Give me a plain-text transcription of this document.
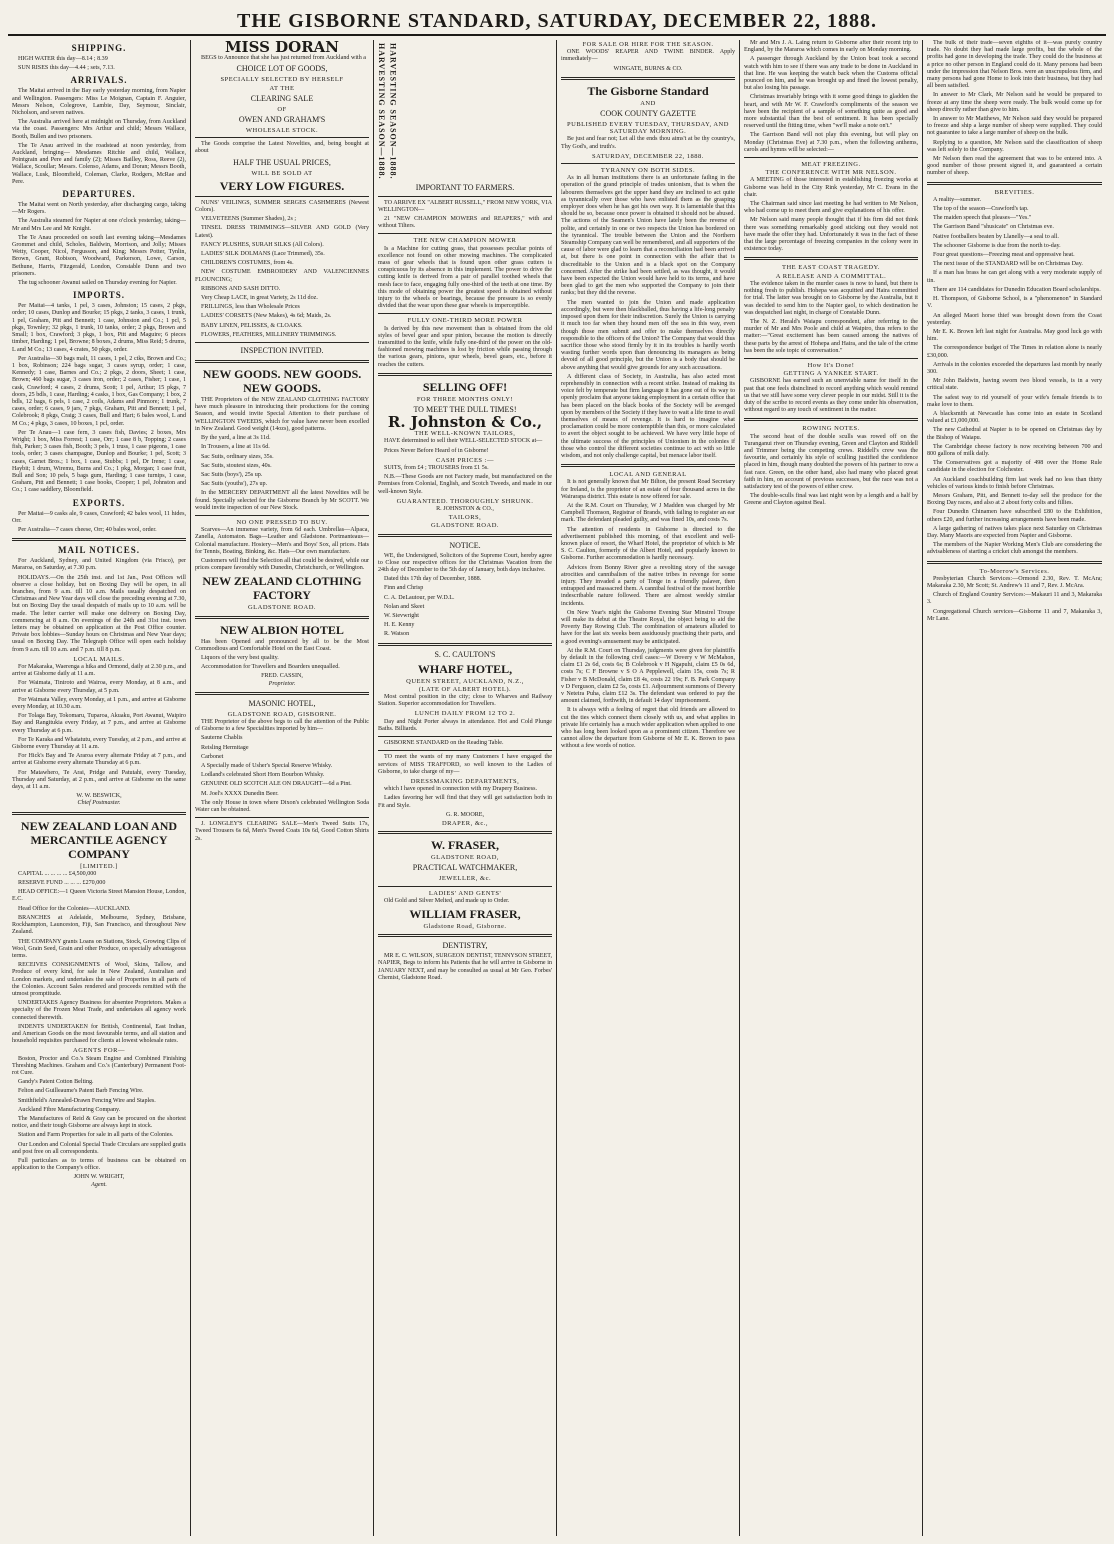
THE GISBORNE STANDARD, SATURDAY, DECEMBER 22, 1888.
SHIPPING.

HIGH WATER this day—8.14 ; 8.39

SUN RISES this day—4.44 ; sets, 7.13.

ARRIVALS.

The Maitai arrived in the Bay early yesterday morning, from Napier and Wellington. Passengers: Miss Le Moignan, Captain F. Anguier, Messrs Nelson, Colegrove, Lambie, Day, Seymour, Sinclair, Nicholson, and seven natives.

The Australia arrived here at midnight on Thursday, from Auckland via the coast. Passengers: Mrs Arthur and child; Messrs Wallace, Booth, Bullen and two prisoners.

The Te Anau arrived in the roadstead at noon yesterday, from Auckland, bringing— Mesdames Ritchie and child, Wallace, Pointgrain and Pere and family (2); Misses Bailley, Ross, Reeve (2), Wallace, Scoullar; Messrs. Colenso, Adams, and Doran; Messrs Booth, Wallace, Lusk, Bloomfield, Coleman, Clarke, Rodgers, McRae and Pere.

DEPARTURES.

The Maitai went on North yesterday, after discharging cargo, taking—Mr Rogers.

The Australia steamed for Napier at one o'clock yesterday, taking—Mr and Mrs Lee and Mr Knight.

The Te Anau proceeded on south last evening taking—Mesdames Grommet and child, Scholes, Baldwin, Morrison, and Jolly; Misses Wetty, Cooper, Nicol, Fergusson, and King; Messrs Potter, Tynlin, Brown, Grant, Robison, Woodward, Parkerson, Lowe, Carson, Bethune, Harris, Fitzgerald, London, Constable Dunn and two prisoners.

The tug schooner Awanui sailed on Thursday evening for Napier.

IMPORTS.

Per Maitai—4 tanks, 1 pel, 3 cases, Johnston; 15 cases, 2 pkgs, order; 10 cases, Dunlop and Bourke; 15 pkgs, 2 tanks, 3 cases, 1 trunk, 1 pel, Graham, Pitt and Bennett; 1 case, Johnston and Co.; 1 pcl, 5 pkgs, Townley; 32 pkgs, 1 trunk, 10 tanks, order; 2 pkgs, Brown and Small; 1 box, Crawford; 3 pkgs, 1 box, Pitt and Maguire; 6 pieces timber, Harding; 1 pel, Browne; 8 boxes, 2 drums, Miss Reid; 5 drums, L and M Co.; 13 cases, 4 crates, 50 pkgs, order.

Per Australia—30 bags malt, 11 cases, 1 pel, 2 ctks, Brown and Co.; 1 box, Robinson; 224 bags sugar, 3 cases syrup, order; 1 case, Kennedy; 1 case, Barnes and Co.; 2 pkgs, 2 doors, Sheet; 1 case, Brown; 460 bags sugar, 3 cases iron, order; 2 cases, Fisher; 1 case, 1 cask, Crawford; 4 cases, 2 drums, Scott; 1 pel, Arthur; 15 pkgs, 7 doors, 25 bdls, 1 case, Harding; 4 casks, 1 box, Gas Company; 1 box, 2 bdls, 12 bags, 6 pels, 1 case, 2 coils, Adams and Pinmore; 1 trunk, 7 cases, order; 6 cases, 9 jars, 7 pkgs, Graham, Pitt and Bennett; 1 pel, Colebrook; 8 pkgs, Craig; 3 cases, Bull and Hart; 6 bales wool, L and M Co.; 4 pkgs, 3 cases, 10 boxes, 1 pcl, order.

Per Te Anau—1 case fern, 3 cases fish, Davies; 2 boxes, Mrs Wright; 1 box, Miss Forrest; 1 case, Orr; 1 case 8 b, Topping; 2 cases fish, Parker; 3 cases fish, Booth; 3 pels, 1 truss, 1 case pigeons, 1 case tools, order; 3 cases champagne, Dunlop and Bourke; 1 pel, Scott; 3 cases, Garnet Bros.; 1 box, 1 case, Stubbs; 1 pel, Dr Irene; 1 case, Haybit; 1 drum, Wiremu, Burns and Co.; 1 pkg, Morgan; 1 case fruit, Bull and Son; 10 pels, 5 bags gum, Harding; 1 case turnips, 1 case, Graham, Pitt and Bennett; 1 case books, Cooper; 1 pel, Johnston and Co.; 1 case saddlery, Bloomfield.

EXPORTS.

Per Maitai—9 casks ale, 9 cases, Crawford; 42 bales wool, 11 hides, Orr.

Per Australia—7 cases cheese, Orr; 40 bales wool, order.

MAIL NOTICES.

For Auckland, Sydney, and United Kingdom (via Frisco), per Mararoa, on Saturday, at 7.30 p.m.

HOLIDAYS.—On the 25th inst. and 1st Jan., Post Offices will observe a close holiday, but on Boxing Day will be open, in all branches, from 9 a.m. till 10 a.m. Mails usually despatched on Christmas and New Year days will close the preceding evening at 7.30, but on Boxing Day the usual despatch of mails up to 10 a.m. will be made. The letter carrier will make one delivery on Boxing Day, commencing at 8 a.m. On evenings of the 24th and 31st inst. town letters may be obtained on application at the Post Office counter. Private box lobbies—Sunday hours on Christmas and New Year days; usual on Boxing Day. The Telegraph Office will open each holiday from 9 a.m. till 10 a.m. and 7 p.m. till 8 p.m.

LOCAL MAILS.

For Makaraka, Waerenga a hika and Ormond, daily at 2.30 p.m., and arrive at Gisborne daily at 11 a.m.

For Waimata, Tiniroto and Wairoa, every Monday, at 8 a.m., and arrive at Gisborne every Thursday, at 5 p.m.

For Waimata Valley, every Monday, at 1 p.m., and arrive at Gisborne every Monday, at 10.30 a.m.

For Tolaga Bay, Tokomaru, Tuparoa, Akuaku, Port Awanui, Waipiro Bay and Rangitukia every Friday, at 7 p.m., and arrive at Gisborne every Thursday at 6 p.m.

For Te Karaka and Whatatutu, every Tuesday, at 2 p.m., and arrive at Gisborne every Thursday at 11 a.m.

For Hick's Bay and Te Araroa every alternate Friday at 7 p.m., and arrive at Gisborne every alternate Thursday at 6 p.m.

For Matawhero, Te Arai, Pridge and Patutahi, every Tuesday, Thursday and Saturday, at 2 p.m., and arrive at Gisborne on the same days, at 11 a.m.

W. W. BESWICK,
Chief Postmaster.
NEW ZEALAND LOAN AND MERCANTILE AGENCY COMPANY
[LIMITED.]

CAPITAL ... ... ... ... £4,500,000

RESERVE FUND ... ... ... £270,000

HEAD OFFICE:—1 Queen Victoria Street Mansion House, London, E.C.

Head Office for the Colonies—AUCKLAND.

BRANCHES at Adelaide, Melbourne, Sydney, Brisbane, Rockhampton, Launceston, Fiji, San Francisco, and throughout New Zealand.

THE COMPANY grants Loans on Stations, Stock, Growing Clips of Wool, Grain Seed, Grain and other Produce, on specially advantageous terms.

RECEIVES CONSIGNMENTS of Wool, Skins, Tallow, and Produce of every kind, for sale in New Zealand, Australian and London markets, and undertakes the sale of Properties in all parts of the Colonies. Account Sales rendered and proceeds remitted with the utmost promptitude.

UNDERTAKES Agency Business for absentee Proprietors. Makes a specialty of the Frozen Meat Trade, and undertakes all agency work connected therewith.

INDENTS UNDERTAKEN for British, Continental, East Indian, and American Goods on the most favourable terms, and all station and household requisites purchased for clients at lowest wholesale rates.

AGENTS FOR—

Boston, Proctor and Co.'s Steam Engine and Combined Finishing Threshing Machines. Graham and Co.'s (Canterbury) Permanent Foot-rot Cure.

Gandy's Patent Cotton Belting.

Felton and Guilleaume's Patent Barb Fencing Wire.

Smithfield's Annealed-Drawn Fencing Wire and Staples.

Auckland Fibre Manufacturing Company.

The Manufactures of Reid & Gray can be procured on the shortest notice, and their tough Gisborne are always kept in stock.

Station and Farm Properties for sale in all parts of the Colonies.

Our London and Colonial Special Trade Circulars are supplied gratis and post free on all correspondents.

Full particulars as to terms of business can be obtained on application to the Company's office.

JOHN W. WRIGHT,
Agent.
MISS DORAN

BEGS to Announce that she has just returned from Auckland with a

CHOICE LOT OF GOODS,
SPECIALLY SELECTED BY HERSELF
AT THE
CLEARING SALE
OF
OWEN AND GRAHAM'S
WHOLESALE STOCK.

The Goods comprise the Latest Novelties, and, being bought at about

HALF THE USUAL PRICES,
WILL BE SOLD AT
VERY LOW FIGURES.

NUNS' VEILINGS, SUMMER SERGES CASHMERES (Newest Colors).

VELVETEENS (Summer Shades), 2s ;

TINSEL DRESS TRIMMINGS—SILVER AND GOLD (Very Latest).

FANCY PLUSHES, SURAH SILKS (All Colors).

LADIES' SILK DOLMANS (Lace Trimmed), 35s.

CHILDREN'S COSTUMES, from 4s.

NEW COSTUME EMBROIDERY AND VALENCIENNES FLOUNCING;

RIBBONS AND SASH DITTO.

Very Cheap LACE, in great Variety, 2s 11d doz.

FRILLINGS, less than Wholesale Prices

LADIES' CORSETS (New Makes), 4s 6d; Maids, 2s.

BABY LINEN, PELISSES, & CLOAKS.

FLOWERS, FEATHERS, MILLINERY TRIMMINGS.

INSPECTION INVITED.
NEW GOODS. NEW GOODS. NEW GOODS.

THE Proprietors of the NEW ZEALAND CLOTHING FACTORY have much pleasure in introducing their productions for the coming Season, and would invite Special Attention to their purchase of WELLINGTON TWEEDS, which for value have never been excelled in New Zealand. Good weight (14ozs), good patterns.

By the yard, a line at 3s 11d.

In Trousers, a line at 11s 6d.

Sac Suits, ordinary sizes, 35s.

Sac Suits, stoutest sizes, 40s.

Sac Suits (boys'), 25s up.

Sac Suits (youths'), 27s up.

In the MERCERY DEPARTMENT all the latest Novelties will be found. Specially selected for the Gisborne Branch by Mr SCOTT. We would invite inspection of our New Stock.

NO ONE PRESSED TO BUY.

Scarves—An immense variety, from 6d each. Umbrellas—Alpaca, Zanella, Automaton. Bags—Leather and Gladstone. Portmanteaus—Colonial manufacture. Hosiery—Men's and Boys' Sox, all prices. Hats for Tennis, Boating, Binking, &c. Hats—Our own manufacture.

Customers will find the Selection all that could be desired, while our prices compare favorably with Dunedin, Christchurch, or Wellington.

NEW ZEALAND CLOTHING FACTORY
GLADSTONE ROAD.
NEW ALBION HOTEL

Has been Opened and pronounced by all to be the Most Commodious and Comfortable Hotel on the East Coast.

Liquors of the very best quality.

Accommodation for Travellers and Boarders unequalled.

FRED. CASSIN,
Proprietor.
MASONIC HOTEL,
GLADSTONE ROAD, GISBORNE.

THE Proprietor of the above begs to call the attention of the Public of Gisborne to a few Specialities imported by him—

Sauterne Chablis

Reisling Hermitage

Carbonet

A Specially made of Usher's Special Reserve Whisky.

Lodland's celebrated Short Horn Bourbon Whisky.

GENUINE OLD SCOTCH ALE ON DRAUGHT—6d a Pint.

M. Joel's XXXX Dunedin Beer.

The only House in town where Dixon's celebrated Wellington Soda Water can be obtained.

J. LONGLEY'S CLEARING SALE—Men's Tweed Suits 17s, Tweed Trousers 6s 6d, Men's Tweed Coats 10s 6d, Good Cotton Shirts 2s.

HARVESTING SEASON—1888. HARVESTING SEASON—1888.
IMPORTANT TO FARMERS.

TO ARRIVE EX "ALBERT RUSSELL," FROM NEW YORK, VIA WELLINGTON—

21 "NEW CHAMPION MOWERS and REAPERS," with and without Tilters.

THE NEW CHAMPION MOWER

Is a Machine for cutting grass, that possesses peculiar points of excellence not found on other mowing machines. The complicated mass of gear wheels that is found upon other grass cutters is conspicuous by its absence in this implement. The power to drive the cutting knife is derived from a pair of parallel toothed wheels that mesh face to face, engaging fully one-third of the teeth at one time. By this mode of obtaining power the greatest speed is obtained without injury to the wheels or bearings, because the pressure is so evenly divided that the wear upon these gear wheels is imperceptible.

FULLY ONE-THIRD MORE POWER

Is derived by this new movement than is obtained from the old styles of bevel gear and spur pinion, because the motion is directly transmitted to the knife, while fully one-third of the power on the old-fashioned mowing machines is lost by friction while passing through the various gears, pinions, spur wheels, bevel gears, etc., before it reaches the cutters.

SELLING OFF!
FOR THREE MONTHS ONLY!
TO MEET THE DULL TIMES!
R. Johnston & Co.,
THE WELL-KNOWN TAILORS,

HAVE determined to sell their WELL-SELECTED STOCK at—

Prices Never Before Heard of in Gisborne!

CASH PRICES :—

SUITS, from £4 ; TROUSERS from £1 5s.

N.B.—These Goods are not Factory made, but manufactured on the Premises from Colonial, English, and Scotch Tweeds, and made in our well-known Style.

GUARANTEED. THOROUGHLY SHRUNK.
R. JOHNSTON & CO.,
TAILORS,
GLADSTONE ROAD.
NOTICE.

WE, the Undersigned, Solicitors of the Supreme Court, hereby agree to Close our respective offices for the Christmas Vacation from the 24th day of December to the 5th day of January, both days inclusive.

Dated this 17th day of December, 1888.

Finn and Chrisp

C. A. DeLautour, per W.D.L.

Nolan and Skeet

W. Sievwright

H. E. Kenny

R. Watson

S. C. CAULTON'S
WHARF HOTEL,
QUEEN STREET, AUCKLAND, N.Z.,
(LATE OF ALBERT HOTEL).

Most central position in the city; close to Wharves and Railway Station. Superior accommodation for Travellers.

LUNCH DAILY FROM 12 TO 2.

Day and Night Porter always in attendance. Hot and Cold Plunge Baths. Billiards.

GISBORNE STANDARD on the Reading Table.

TO meet the wants of my many Customers I have engaged the services of MISS TRAFFORD, so well known to the Ladies of Gisborne, to take charge of my—

DRESSMAKING DEPARTMENTS,

which I have opened in connection with my Drapery Business.

Ladies favoring her will find that they will get satisfaction both in Fit and Style.

G. R. MOORE,
DRAPER, &c.,
W. FRASER,
GLADSTONE ROAD,
PRACTICAL WATCHMAKER,
JEWELLER, &c.
LADIES' AND GENTS'

Old Gold and Silver Melted, and made up to Order.

WILLIAM FRASER,
Gladstone Road, Gisborne.
DENTISTRY,

MR E. C. WILSON, SURGEON DENTIST, TENNYSON STREET, NAPIER, Begs to inform his Patients that he will arrive in Gisborne in JANUARY NEXT, and may be consulted as usual at Mr Geo. Forbes' Chemist, Gladstone Road.

FOR SALE OR HIRE FOR THE SEASON.

ONE WOODS' REAPER AND TWINE BINDER. Apply immediately—

WINGATE, BURNS & CO.
The Gisborne Standard
AND
COOK COUNTY GAZETTE
PUBLISHED EVERY TUESDAY, THURSDAY, AND SATURDAY MORNING.

Be just and fear not; Let all the ends thou aims't at be thy country's, Thy God's, and truth's.

SATURDAY, DECEMBER 22, 1888.
TYRANNY ON BOTH SIDES.

As in all human institutions there is an unfortunate failing in the operation of the grand principle of trades unionism, that is when the labourers themselves get the upper hand they are inclined to act quite as tyrannically over those who have enlisted them as the grasping employer does when he has got his own way. It is lamentable that this should be so, because once power is obtained it should not be abused. The actions of the Seamen's Union have lately been the reverse of polite, and certainly in one or two respects the Union has bordered on the tyrannical. The trouble between the Union and the Northern Steamship Company can well be remembered, and all supporters of the cause of labor were glad to learn that a reconciliation had been arrived at, but there is one point in connection with the affair that is discreditable to the Union and is a black spot on the Company concerned. After the strike had been settled, as was thought, it would have been expected the Union would have held to its terms, and have been glad to get the men who supported the Company to join their ranks; but they did the reverse.

The men wanted to join the Union and made application accordingly, but were then blackballed, thus having a life-long penalty imposed upon them for their indiscretion. Surely the Union is carrying it much too far when they hound men off the sea in this way, even though those men submit and offer to make themselves directly responsible to the officers of the Union? The Company that would thus sacrifice those who stood firmly by it in its troubles is hardly worth wasting further words upon than denouncing its managers as being devoid of all good principle, but the Union is a body that should be above anything that would give grounds for any such accusations.

A different class of Society, in Australia, has also acted most reprehensibly in connection with a recent strike. Instead of making its voice felt by temperate but firm language it has gone out of its way to openly proclaim that anyone taking employment in a certain office that has been placed on the black books of the Society will be avenged upon by members of the Society if they have to wait a life time to avail themselves of means of revenge. It is hard to imagine what proclamation could be more contemptible than this, or more calculated to avert the object sought to be achieved. We have very little hope of the ultimate success of the principles of Unionism in the colonies if those who control the different societies continue to act with so little wisdom, and not only challenge capital, but menace labor itself.

LOCAL AND GENERAL

It is not generally known that Mr Bilton, the present Road Secretary for Ireland, is the proprietor of an estate of four thousand acres in the Wairarapa district. This estate is now offered for sale.

At the R.M. Court on Thursday, W J Madden was charged by Mr Campbell Thomson, Registrar of Brands, with failing to register an ear mark. The defendant pleaded guilty, and was fined 10s, and costs 7s.

The attention of residents in Gisborne is directed to the advertisement published this morning, of that excellent and well-known place of resort, the Wharf Hotel, the proprietor of which is Mr S. C. Caulton, formerly of the Albert Hotel, and popularly known to Gisborne. Further accommodation is hardly necessary.

Advices from Bonny River give a revolting story of the savage atrocities and cannibalism of the native tribes in revenge for some injury. They invaded a party of Tonge in a friendly palaver, then entrapped and massacred them. A cannibal festival of the most horrible indescribable nature followed. There are almost weekly similar incidents.

On New Year's night the Gisborne Evening Star Minstrel Troupe will make its debut at the Theatre Royal, the object being to aid the Poverty Bay Rowing Club. The combination of amateurs alluded to have for the last six weeks been assiduously practising their parts, and a good evening's amusement may be anticipated.

At the R.M. Court on Thursday, judgments were given for plaintiffs by default in the following civil cases:—W Dovery v W McMahon, claim £1 2s 6d, costs 6s; B Colebrook v H Ngapuhi, claim £5 0s 6d, costs 7s; C F Browne v S O A Pepplewell, claim 15s, costs 7s; R Fisher v B McDonald, claim £8 4s, costs 22 19s; F. B. Park Company v D Ferguson, claim £2 5s, costs £1. Adjournment summons of Devery v Neteira Puha, claim £12 3s. The defendant was ordered to pay the amount claimed, forthwith, in default 14 days' imprisonment.

It is always with a feeling of regret that old friends are allowed to cut the ties which connect them closely with us, and what applies in private life certainly has a much wider application when applied to one who has long been looked upon as a prominent citizen. Therefore we cannot allow the departure from Gisborne of Mr E. K. Brown to pass without a few words of notice.

Mr and Mrs J. A. Laing return to Gisborne after their recent trip to England, by the Mararoa which comes in early on Monday morning.

A passenger through Auckland by the Union boat took a second watch with him to see if there was any trade to be done in Auckland in that line. He was keeping the watch back when the Customs official pounced on him, and he was brought up and fined the lowest penalty, but also losing his passage.

Christmas invariably brings with it some good things to gladden the heart, and with Mr W. F. Crawford's compliments of the season we have been the recipient of a sample of something quite as good and more substantial than the best of sentiment. It has been specially reserved until the fitting time, when "we'll make a note on't."

The Garrison Band will not play this evening, but will play on Monday (Christmas Eve) at 7.30 p.m., when the following anthems, carols and hymns will be selected:—

MEAT FREEZING.
THE CONFERENCE WITH MR NELSON.

A MEETING of those interested in establishing freezing works at Gisborne was held in the City Rink yesterday, Mr C. Evans in the chair.

The Chairman said since last meeting he had written to Mr Nelson, who had come up to meet them and give explanations of his offer.

Mr Nelson said many people thought that if his firm did not think there was something remarkably good sticking out they would not have made the offer they had. Unfortunately it was in the fact of these that the large percentage of freezing companies in the colony were in existence today.

THE EAST COAST TRAGEDY.
A RELEASE AND A COMMITTAL.

The evidence taken in the murder cases is now to hand, but there is nothing fresh to publish. Hohepa was acquitted and Haira committed for trial. The latter was brought on to Gisborne by the Australia, but it was decided to send him to the Napier gaol, to which destination he was despatched last night, in charge of Constable Dunn.

The N. Z. Herald's Waiapu correspondent, after referring to the murder of Mr and Mrs Poole and child at Waipiro, thus refers to the matter:—"Great excitement has been caused among the natives of these parts by the arrest of Hohepa and Haira, and the tale of the crime has been the sole topic of conversation."

How It's Done!
GETTING A YANKEE START.

GISBORNE has earned such an unenviable name for itself in the past that one feels disinclined to record anything which would remind us that we still have some very clever people in our midst. Still it is the duty of the scribe to record events as they come under his observation, without regard to any touch of sentiment in the matter.

ROWING NOTES.

The second heat of the double sculls was rowed off on the Turanganui river on Thursday evening, Green and Clayton and Riddell and Trimmer being the competing crews. Riddell's crew was the favourite, and certainly his style of sculling justified the confidence placed in him, though many doubted the powers of his partner to row a fast race. Green, on the other hand, also had many who placed great faith in him, on account of previous successes, but the race was not a satisfactory test of the powers of either crew.

The double-sculls final was last night won by a length and a half by Greene and Clayton against Beal.

The bulk of their trade—seven eighths of it—was purely country trade. No doubt they had made large profits, but the whole of the profits had gone in developing the trade. They could do the business at a price no other person in England could do it. Many persons had been under the impression that Nelson Bros. were an unscrupulous firm, and many persons had gone Home to look into their business, but they had all been satisfied.

In answer to Mr Clark, Mr Nelson said he would be prepared to freeze at any time the sheep were ready. The bulk would come up for sheep directly rather than give to him.

In answer to Mr Matthews, Mr Nelson said they would be prepared to freeze and ship a large number of sheep were supplied. They could not guarantee to take a large number of sheep on the bulk.

Replying to a question, Mr Nelson said the classification of sheep was left solely to the Company.

Mr Nelson then read the agreement that was to be entered into. A good number of those present signed it, and guaranteed a certain number of sheep.

BREVITIES.

A reality—summer.

The top of the season—Crawford's tap.

The maiden speech that pleases—"Yes."

The Garrison Band "shusicate" on Christmas eve.

Native footballers beaten by Llanelly—a seal to all.

The schooner Gisborne is due from the north to-day.

Four great questions—Freezing meat and oppressive heat.

The next issue of the STANDARD will be on Christmas Day.

If a man has brass he can get along with a very moderate supply of tin.

There are 114 candidates for Dunedin Education Board scholarships.

H. Thompson, of Gisborne School, is a "phenomenon" in Standard V.

An alleged Maori horse thief was brought down from the Coast yesterday.

Mr E. K. Brown left last night for Australia. May good luck go with him.

The correspondence budget of The Times in relation alone is nearly £30,000.

Arrivals in the colonies exceeded the departures last month by nearly 300.

Mr John Baldwin, having sworn two blood vessels, is in a very critical state.

The safest way to rid yourself of your wife's female friends is to make love to them.

A blacksmith at Newcastle has come into an estate in Scotland valued at £1,000,000.

The new Cathedral at Napier is to be opened on Christmas day by the Bishop of Waiapu.

The Cambridge cheese factory is now receiving between 700 and 800 gallons of milk daily.

The Conservatives got a majority of 498 over the Home Rule candidate in the election for Colchester.

An Auckland coachbuilding firm last week had no less than thirty vehicles of various kinds to finish before Christmas.

Messrs Graham, Pitt, and Bennett to-day sell the produce for the Boxing Day races, and also at 2 about forty colts and fillies.

Four Dunedin Chinamen have subscribed £80 to the Exhibition, others £20, and further increasing arrangements have been made.

A large gathering of natives takes place next Saturday on Christmas Day. Many Maoris are expected from Napier and Gisborne.

The members of the Napier Working Men's Club are considering the advisableness of starting a cricket club amongst the members.

To-Morrow's Services.

Presbyterian Church Services:—Ormond 2.30, Rev. T. McAra; Makaraka 2.30, Mr Scott; St. Andrew's 11 and 7, Rev. J. McAra.

Church of England Country Services:—Makauri 11 and 3, Makaraka 3.

Congregational Church services—Gisborne 11 and 7, Makaraka 3, Mr Lane.
